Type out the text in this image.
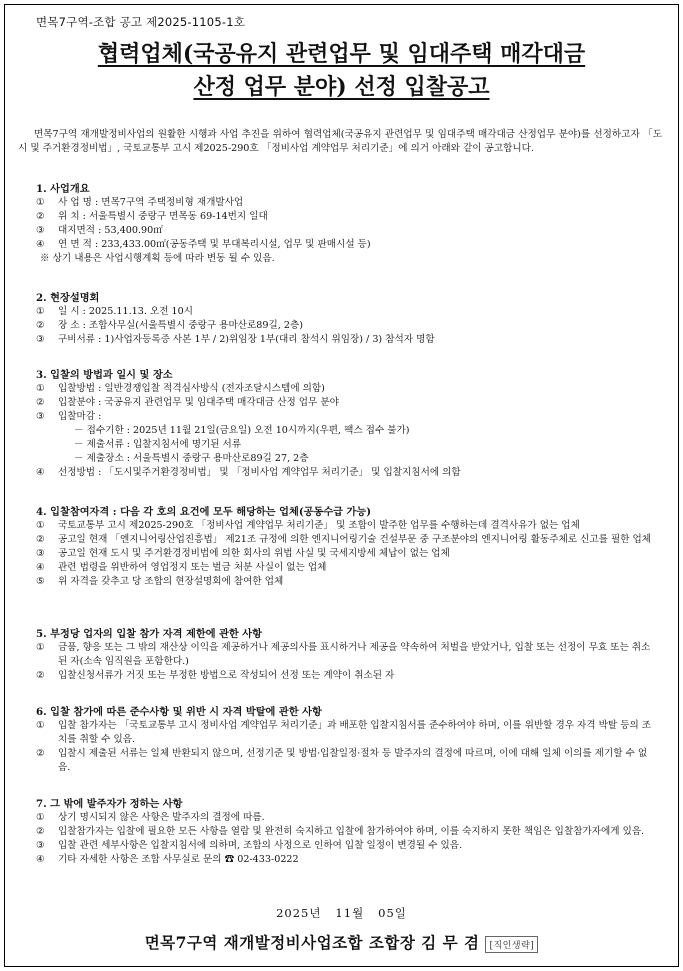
면목7구역-조합 공고 제2025-1105-1호
협력업체(국공유지 관련업무 및 임대주택 매각대금
산정 업무 분야) 선정 입찰공고

면목7구역 재개발정비사업의 원활한 시행과 사업 추진을 위하여 협력업체(국공유지 관련업무 및 임대주택 매각대금 산정업무 분야)를 선정하고자 「도시 및 주거환경정비법」, 국토교통부 고시 제2025-290호 「정비사업 계약업무 처리기준」에 의거 아래와 같이 공고합니다.

1. 사업개요

①	사 업 명 : 면목7구역 주택정비형 재개발사업

②	위 치 : 서울특별시 중랑구 면목동 69-14번지 일대

③	대지면적 : 53,400.90㎡

④	연 면 적 : 233,433.00㎡(공동주택 및 부대복리시설, 업무 및 판매시설 등)

※ 상기 내용은 사업시행계획 등에 따라 변동 될 수 있음.

2. 현장설명회

①	일 시 : 2025.11.13. 오전 10시

②	장 소 : 조합사무실(서울특별시 중랑구 용마산로89길, 2층)

③	구비서류 : 1)사업자등록증 사본 1부 / 2)위임장 1부(대리 참석시 위임장) / 3) 참석자 명함

3. 입찰의 방법과 일시 및 장소

①	입찰방법 : 일반경쟁입찰 적격심사방식 (전자조달시스템에 의함)

②	입찰분야 : 국공유지 관련업무 및 임대주택 매각대금 산정 업무 분야

③	입찰마감 :

－ 접수기한 : 2025년 11월 21일(금요일) 오전 10시까지(우편, 팩스 접수 불가)

－ 제출서류 : 입찰지침서에 명기된 서류

－ 제출장소 : 서울특별시 중랑구 용마산로89길 27, 2층

④	선정방법 : 「도시및주거환경정비법」 및 「정비사업 계약업무 처리기준」 및 입찰지침서에 의함

4. 입찰참여자격 : 다음 각 호의 요건에 모두 해당하는 업체(공동수급 가능)

①	국토교통부 고시 제2025-290호 「정비사업 계약업무 처리기준」 및 조합이 발주한 업무를 수행하는데 결격사유가 없는 업체

②	공고일 현재 「엔지니어링산업진흥법」 제21조 규정에 의한 엔지니어링기술 건설부문 중 구조분야의 엔지니어링 활동주체로 신고를 필한 업체

③	공고일 현재 도시 및 주거환경정비법에 의한 회사의 위법 사실 및 국세지방세 체납이 없는 업체

④	관련 법령을 위반하여 영업정지 또는 벌금 처분 사실이 없는 업체

⑤	위 자격을 갖추고 당 조합의 현장설명회에 참여한 업체

5. 부정당 업자의 입찰 참가 자격 제한에 관한 사항

①	금품, 향응 또는 그 밖의 재산상 이익을 제공하거나 제공의사를 표시하거나 제공을 약속하여 처벌을 받았거나, 입찰 또는 선정이 무효 또는 취소된 자(소속 임직원을 포함한다.)

②	입찰신청서류가 거짓 또는 부정한 방법으로 작성되어 선정 또는 계약이 취소된 자

6. 입찰 참가에 따른 준수사항 및 위반 시 자격 박탈에 관한 사항

①	입찰 참가자는 「국토교통부 고시 정비사업 계약업무 처리기준」과 배포한 입찰지침서를 준수하여야 하며, 이를 위반할 경우 자격 박탈 등의 조치를 취할 수 있음.

②	입찰시 제출된 서류는 일체 반환되지 않으며, 선정기준 및 방법·입찰일정·절차 등 발주자의 결정에 따르며, 이에 대해 일체 이의를 제기할 수 없음.

7. 그 밖에 발주자가 정하는 사항

①	상기 명시되지 않은 사항은 발주자의 결정에 따름.

②	입찰참가자는 입찰에 필요한 모든 사항을 열람 및 완전히 숙지하고 입찰에 참가하여야 하며, 이를 숙지하지 못한 책임은 입찰참가자에게 있음.

③	입찰 관련 세부사항은 입찰지침서에 의하며, 조합의 사정으로 인하여 입찰 일정이 변경될 수 있음.

④	기타 자세한 사항은 조합 사무실로 문의 ☎ 02-433-0222

2025년   11월   05일
면목7구역 재개발정비사업조합 조합장 김 무 겸 [직인생략]
